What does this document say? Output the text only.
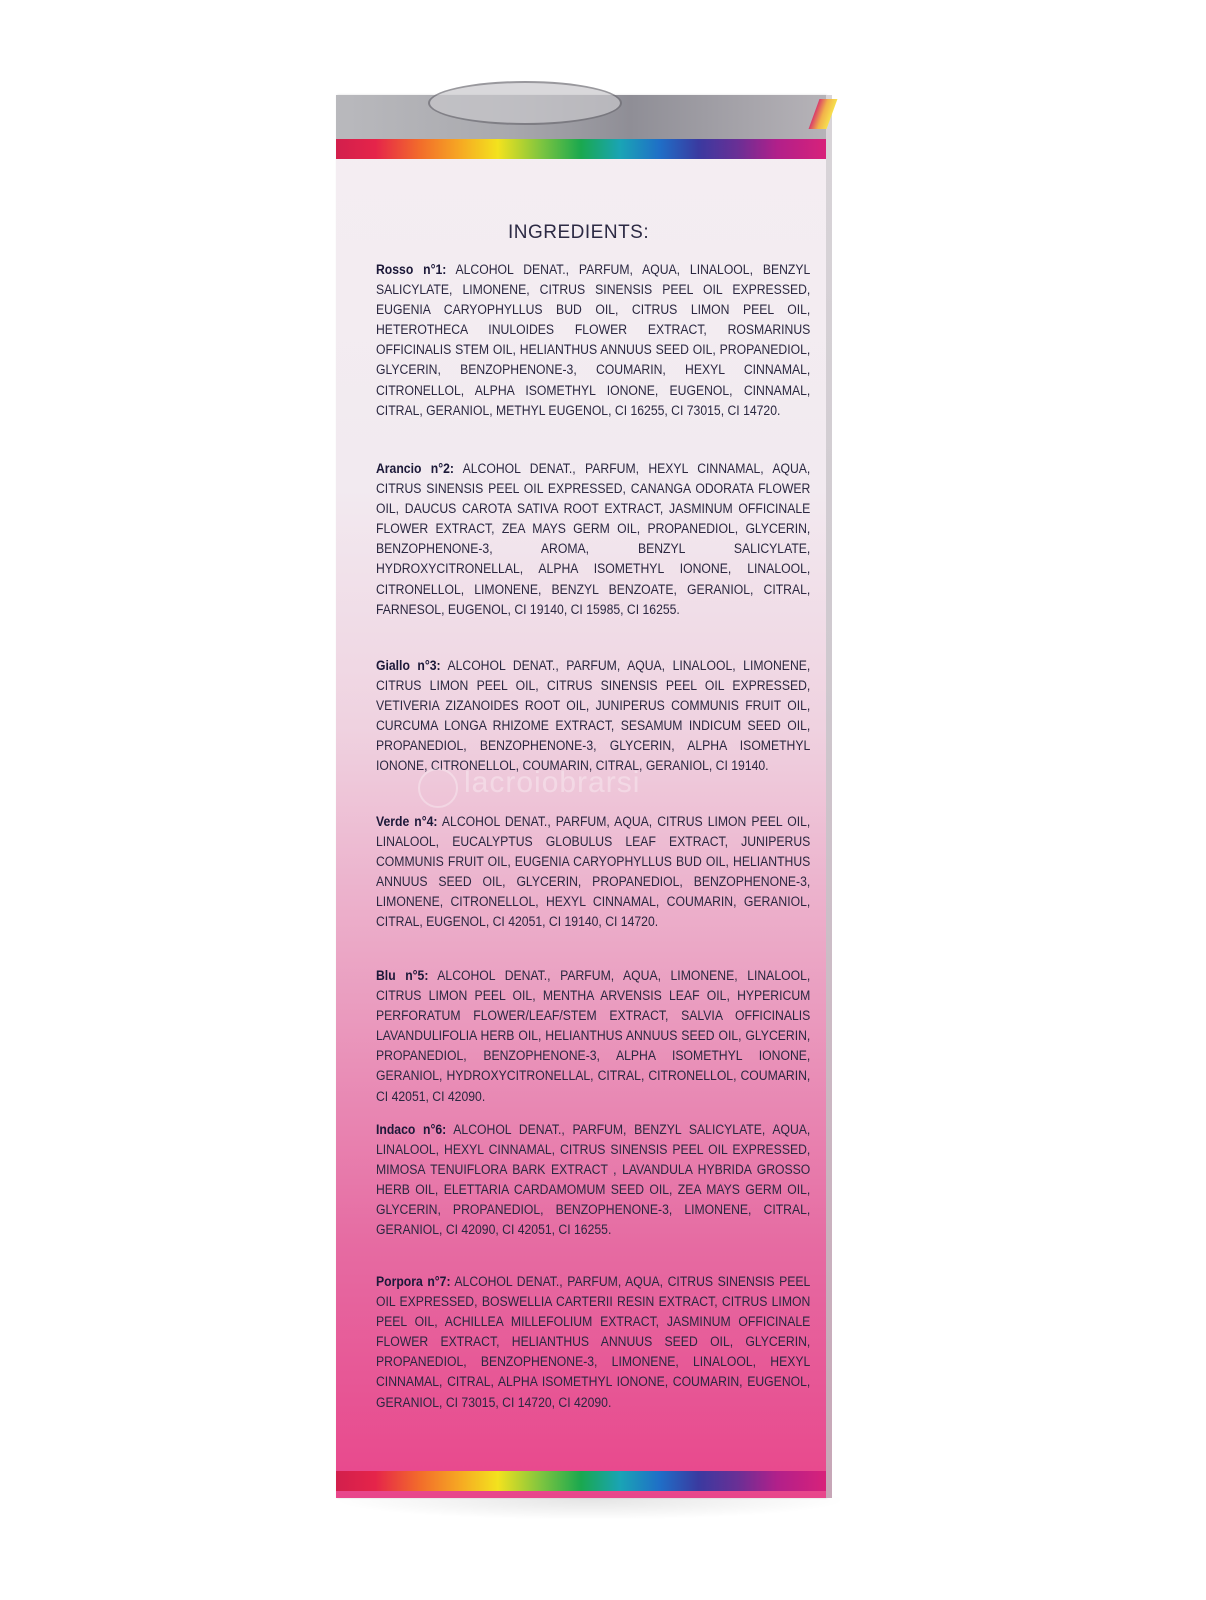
INGREDIENTS:
Rosso n°1: ALCOHOL DENAT., PARFUM, AQUA, LINALOOL, BENZYL SALICYLATE, LIMONENE, CITRUS SINENSIS PEEL OIL EXPRESSED, EUGENIA CARYOPHYLLUS BUD OIL, CITRUS LIMON PEEL OIL, HETEROTHECA INULOIDES FLOWER EXTRACT, ROSMARINUS OFFICINALIS STEM OIL, HELIANTHUS ANNUUS SEED OIL, PROPANEDIOL, GLYCERIN, BENZOPHENONE-3, COUMARIN, HEXYL CINNAMAL, CITRONELLOL, ALPHA ISOMETHYL IONONE, EUGENOL, CINNAMAL, CITRAL, GERANIOL, METHYL EUGENOL, CI 16255, CI 73015, CI 14720.
Arancio n°2: ALCOHOL DENAT., PARFUM, HEXYL CINNAMAL, AQUA, CITRUS SINENSIS PEEL OIL EXPRESSED, CANANGA ODORATA FLOWER OIL, DAUCUS CAROTA SATIVA ROOT EXTRACT, JASMINUM OFFICINALE FLOWER EXTRACT, ZEA MAYS GERM OIL, PROPANEDIOL, GLYCERIN, BENZOPHENONE-3, AROMA, BENZYL SALICYLATE, HYDROXYCITRONELLAL, ALPHA ISOMETHYL IONONE, LINALOOL, CITRONELLOL, LIMONENE, BENZYL BENZOATE, GERANIOL, CITRAL, FARNESOL, EUGENOL, CI 19140, CI 15985, CI 16255.
Giallo n°3: ALCOHOL DENAT., PARFUM, AQUA, LINALOOL, LIMONENE, CITRUS LIMON PEEL OIL, CITRUS SINENSIS PEEL OIL EXPRESSED, VETIVERIA ZIZANOIDES ROOT OIL, JUNIPERUS COMMUNIS FRUIT OIL, CURCUMA LONGA RHIZOME EXTRACT, SESAMUM INDICUM SEED OIL, PROPANEDIOL, BENZOPHENONE-3, GLYCERIN, ALPHA ISOMETHYL IONONE, CITRONELLOL, COUMARIN, CITRAL, GERANIOL, CI 19140.
Verde n°4: ALCOHOL DENAT., PARFUM, AQUA, CITRUS LIMON PEEL OIL, LINALOOL, EUCALYPTUS GLOBULUS LEAF EXTRACT, JUNIPERUS COMMUNIS FRUIT OIL, EUGENIA CARYOPHYLLUS BUD OIL, HELIANTHUS ANNUUS SEED OIL, GLYCERIN, PROPANEDIOL, BENZOPHENONE-3, LIMONENE, CITRONELLOL, HEXYL CINNAMAL, COUMARIN, GERANIOL, CITRAL, EUGENOL, CI 42051, CI 19140, CI 14720.
Blu n°5: ALCOHOL DENAT., PARFUM, AQUA, LIMONENE, LINALOOL, CITRUS LIMON PEEL OIL, MENTHA ARVENSIS LEAF OIL, HYPERICUM PERFORATUM FLOWER/LEAF/STEM EXTRACT, SALVIA OFFICINALIS LAVANDULIFOLIA HERB OIL, HELIANTHUS ANNUUS SEED OIL, GLYCERIN, PROPANEDIOL, BENZOPHENONE-3, ALPHA ISOMETHYL IONONE, GERANIOL, HYDROXYCITRONELLAL, CITRAL, CITRONELLOL, COUMARIN, CI 42051, CI 42090.
Indaco n°6: ALCOHOL DENAT., PARFUM, BENZYL SALICYLATE, AQUA, LINALOOL, HEXYL CINNAMAL, CITRUS SINENSIS PEEL OIL EXPRESSED, MIMOSA TENUIFLORA BARK EXTRACT , LAVANDULA HYBRIDA GROSSO HERB OIL, ELETTARIA CARDAMOMUM SEED OIL, ZEA MAYS GERM OIL, GLYCERIN, PROPANEDIOL, BENZOPHENONE-3, LIMONENE, CITRAL, GERANIOL, CI 42090, CI 42051, CI 16255.
Porpora n°7: ALCOHOL DENAT., PARFUM, AQUA, CITRUS SINENSIS PEEL OIL EXPRESSED, BOSWELLIA CARTERII RESIN EXTRACT, CITRUS LIMON PEEL OIL, ACHILLEA MILLEFOLIUM EXTRACT, JASMINUM OFFICINALE FLOWER EXTRACT, HELIANTHUS ANNUUS SEED OIL, GLYCERIN, PROPANEDIOL, BENZOPHENONE-3, LIMONENE, LINALOOL, HEXYL CINNAMAL, CITRAL, ALPHA ISOMETHYL IONONE, COUMARIN, EUGENOL, GERANIOL, CI 73015, CI 14720, CI 42090.
lacroiobrarsi
